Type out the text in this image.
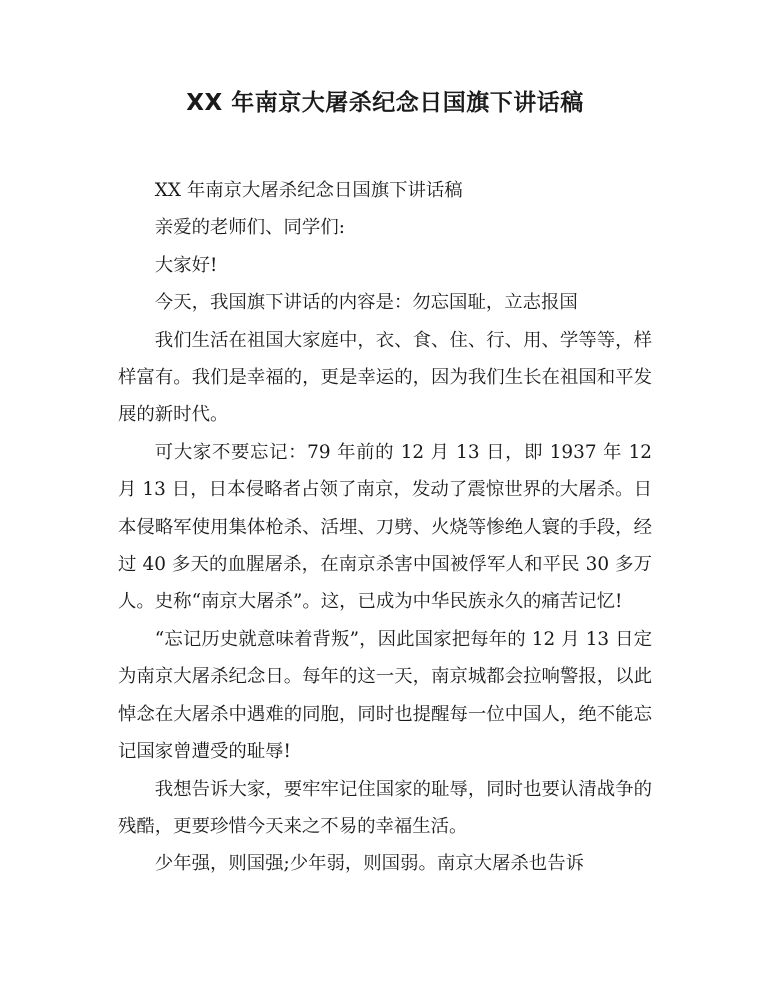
XX 年南京大屠杀纪念日国旗下讲话稿

XX 年南京大屠杀纪念日国旗下讲话稿

亲爱的老师们、同学们:

大家好!

今天，我国旗下讲话的内容是：勿忘国耻，立志报国

我们生活在祖国大家庭中，衣、食、住、行、用、学等等，样样富有。我们是幸福的，更是幸运的，因为我们生长在祖国和平发展的新时代。

可大家不要忘记：79 年前的 12 月 13 日，即 1937 年 12 月 13 日，日本侵略者占领了南京，发动了震惊世界的大屠杀。日本侵略军使用集体枪杀、活埋、刀劈、火烧等惨绝人寰的手段，经过 40 多天的血腥屠杀，在南京杀害中国被俘军人和平民 30 多万人。史称“南京大屠杀”。这，已成为中华民族永久的痛苦记忆!

“忘记历史就意味着背叛”，因此国家把每年的 12 月 13 日定为南京大屠杀纪念日。每年的这一天，南京城都会拉响警报，以此悼念在大屠杀中遇难的同胞，同时也提醒每一位中国人，绝不能忘记国家曾遭受的耻辱!

我想告诉大家，要牢牢记住国家的耻辱，同时也要认清战争的残酷，更要珍惜今天来之不易的幸福生活。

少年强，则国强;少年弱，则国弱。南京大屠杀也告诉
